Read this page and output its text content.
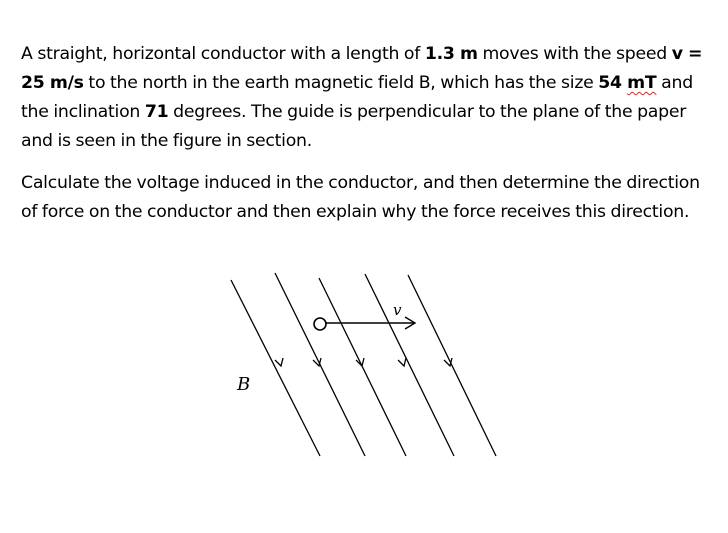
A straight, horizontal conductor with a length of 1.3 m moves with the speed v = 25 m/s to the north in the earth magnetic field B, which has the size 54 mT and the inclination 71 degrees. The guide is perpendicular to the plane of the paper and is seen in the figure in section.
Calculate the voltage induced in the conductor, and then determine the direction of force on the conductor and then explain why the force receives this direction.
v
B
